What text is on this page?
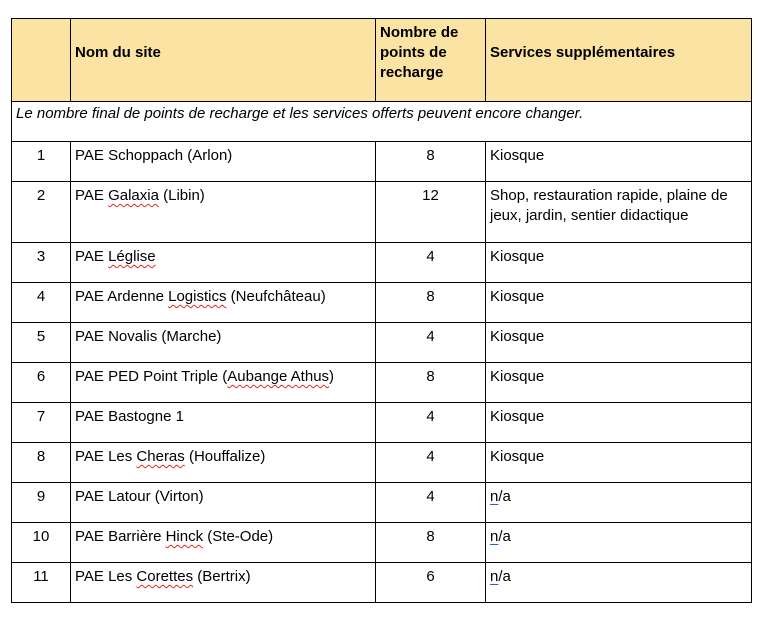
	Nom du site	Nombre de points de recharge	Services supplémentaires

Le nombre final de points de recharge et les services offerts peuvent encore changer.			
1	PAE Schoppach (Arlon)	8	Kiosque
2	PAE Galaxia (Libin)	12	Shop, restauration rapide, plaine de jeux, jardin, sentier didactique
3	PAE Léglise	4	Kiosque
4	PAE Ardenne Logistics (Neufchâteau)	8	Kiosque
5	PAE Novalis (Marche)	4	Kiosque
6	PAE PED Point Triple (Aubange Athus)	8	Kiosque
7	PAE Bastogne 1	4	Kiosque
8	PAE Les Cheras (Houffalize)	4	Kiosque
9	PAE Latour (Virton)	4	n/a
10	PAE Barrière Hinck (Ste-Ode)	8	n/a
11	PAE Les Corettes (Bertrix)	6	n/a
